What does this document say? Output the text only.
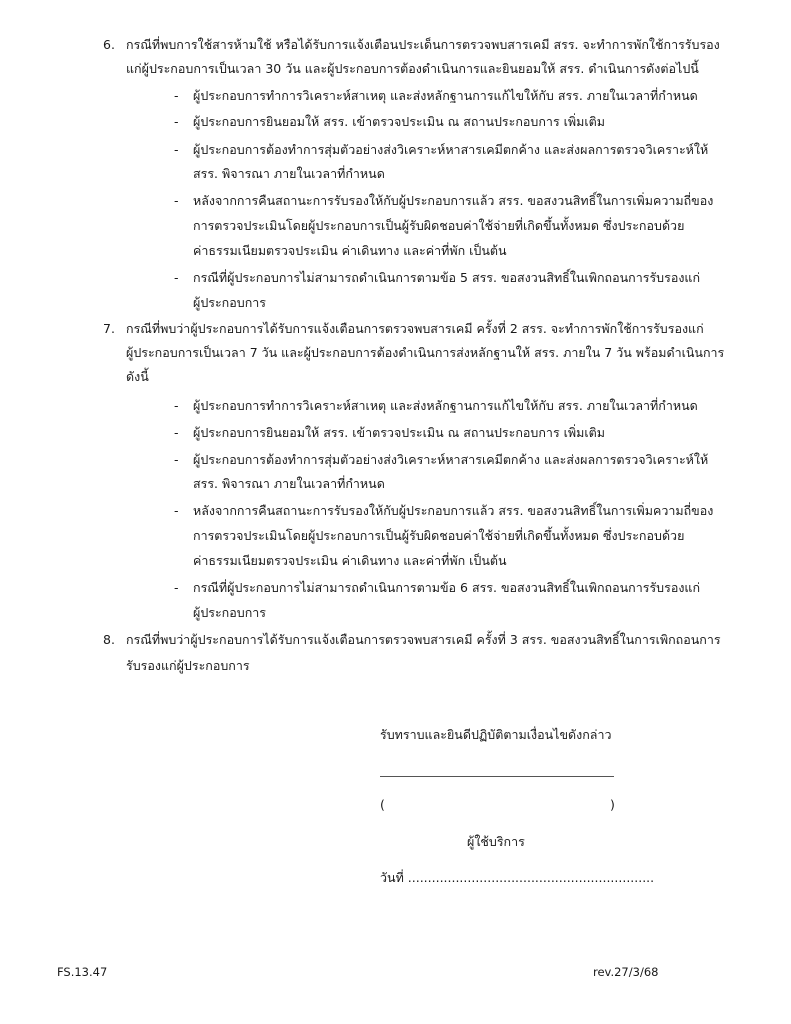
6. กรณีที่พบการใช้สารห้ามใช้ หรือได้รับการแจ้งเตือนประเด็นการตรวจพบสารเคมี สรร. จะทำการพักใช้การรับรอง
แก่ผู้ประกอบการเป็นเวลา 30 วัน และผู้ประกอบการต้องดำเนินการและยินยอมให้ สรร. ดำเนินการดังต่อไปนี้
- ผู้ประกอบการทำการวิเคราะห์สาเหตุ และส่งหลักฐานการแก้ไขให้กับ สรร. ภายในเวลาที่กำหนด
- ผู้ประกอบการยินยอมให้ สรร. เข้าตรวจประเมิน ณ สถานประกอบการ เพิ่มเติม
- ผู้ประกอบการต้องทำการสุ่มตัวอย่างส่งวิเคราะห์หาสารเคมีตกค้าง และส่งผลการตรวจวิเคราะห์ให้
สรร. พิจารณา ภายในเวลาที่กำหนด
- หลังจากการคืนสถานะการรับรองให้กับผู้ประกอบการแล้ว สรร. ขอสงวนสิทธิ์ในการเพิ่มความถี่ของ
การตรวจประเมินโดยผู้ประกอบการเป็นผู้รับผิดชอบค่าใช้จ่ายที่เกิดขึ้นทั้งหมด ซึ่งประกอบด้วย
ค่าธรรมเนียมตรวจประเมิน ค่าเดินทาง และค่าที่พัก เป็นต้น
- กรณีที่ผู้ประกอบการไม่สามารถดำเนินการตามข้อ 5 สรร. ขอสงวนสิทธิ์ในเพิกถอนการรับรองแก่
ผู้ประกอบการ
7. กรณีที่พบว่าผู้ประกอบการได้รับการแจ้งเตือนการตรวจพบสารเคมี ครั้งที่ 2 สรร. จะทำการพักใช้การรับรองแก่
ผู้ประกอบการเป็นเวลา 7 วัน และผู้ประกอบการต้องดำเนินการส่งหลักฐานให้ สรร. ภายใน 7 วัน พร้อมดำเนินการ
ดังนี้
- ผู้ประกอบการทำการวิเคราะห์สาเหตุ และส่งหลักฐานการแก้ไขให้กับ สรร. ภายในเวลาที่กำหนด
- ผู้ประกอบการยินยอมให้ สรร. เข้าตรวจประเมิน ณ สถานประกอบการ เพิ่มเติม
- ผู้ประกอบการต้องทำการสุ่มตัวอย่างส่งวิเคราะห์หาสารเคมีตกค้าง และส่งผลการตรวจวิเคราะห์ให้
สรร. พิจารณา ภายในเวลาที่กำหนด
- หลังจากการคืนสถานะการรับรองให้กับผู้ประกอบการแล้ว สรร. ขอสงวนสิทธิ์ในการเพิ่มความถี่ของ
การตรวจประเมินโดยผู้ประกอบการเป็นผู้รับผิดชอบค่าใช้จ่ายที่เกิดขึ้นทั้งหมด ซึ่งประกอบด้วย
ค่าธรรมเนียมตรวจประเมิน ค่าเดินทาง และค่าที่พัก เป็นต้น
- กรณีที่ผู้ประกอบการไม่สามารถดำเนินการตามข้อ 6 สรร. ขอสงวนสิทธิ์ในเพิกถอนการรับรองแก่
ผู้ประกอบการ
8. กรณีที่พบว่าผู้ประกอบการได้รับการแจ้งเตือนการตรวจพบสารเคมี ครั้งที่ 3 สรร. ขอสงวนสิทธิ์ในการเพิกถอนการ
รับรองแก่ผู้ประกอบการ
รับทราบและยินดีปฏิบัติตามเงื่อนไขดังกล่าว
(	)
ผู้ใช้บริการ
วันที่ ..............................................................
FS.13.47	rev.27/3/68
